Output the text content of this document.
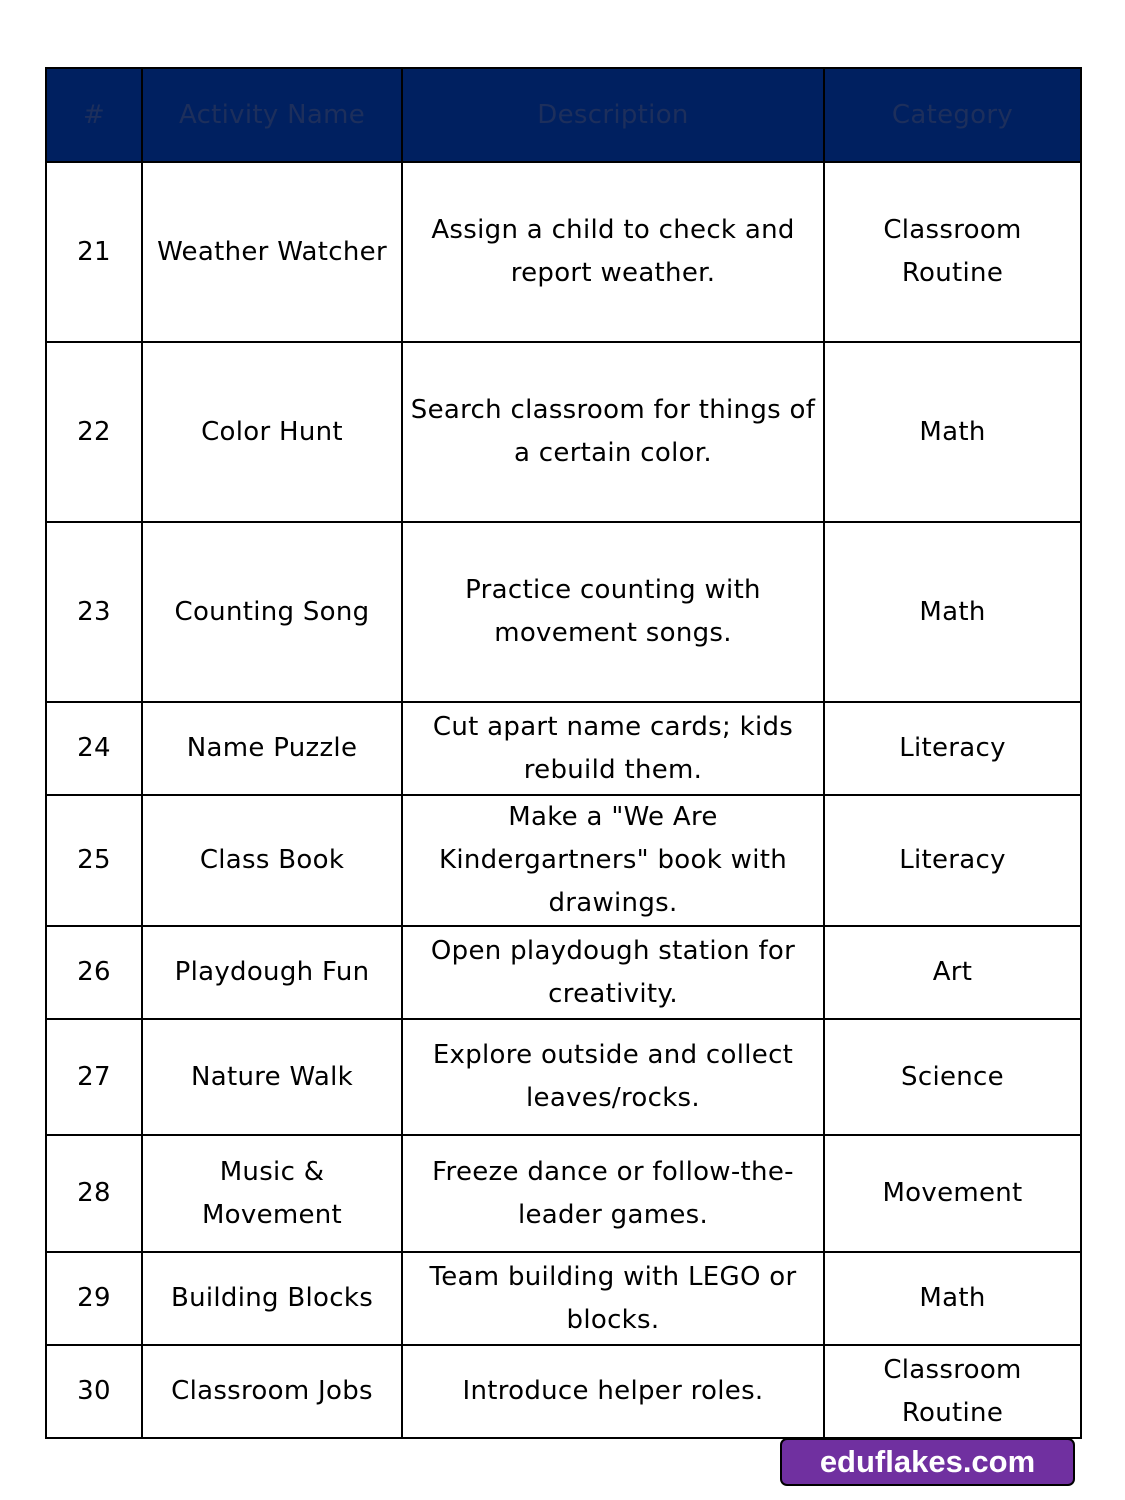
#	Activity Name	Description	Category
21	Weather Watcher	Assign a child to check and report weather.	Classroom Routine
22	Color Hunt	Search classroom for things of a certain color.	Math
23	Counting Song	Practice counting with movement songs.	Math
24	Name Puzzle	Cut apart name cards; kids rebuild them.	Literacy
25	Class Book	Make a "We Are Kindergartners" book with drawings.	Literacy
26	Playdough Fun	Open playdough station for creativity.	Art
27	Nature Walk	Explore outside and collect leaves/rocks.	Science
28	Music & Movement	Freeze dance or follow-the-leader games.	Movement
29	Building Blocks	Team building with LEGO or blocks.	Math
30	Classroom Jobs	Introduce helper roles.	Classroom Routine
eduflakes.com
